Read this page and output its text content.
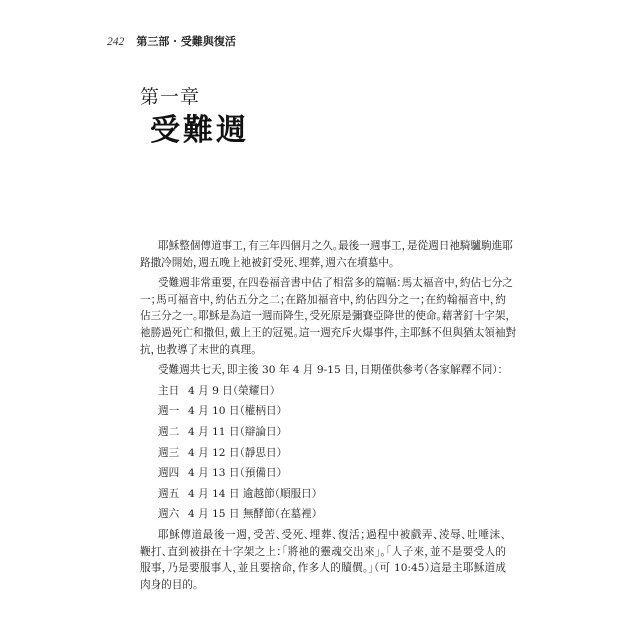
242 第三部 · 受難與復活
第一章
受難週
耶穌整個傳道事工，有三年四個月之久。最後一週事工，是從週日祂騎驢駒進耶
路撒冷開始，週五晚上祂被釘受死、埋葬，週六在墳墓中。
受難週非常重要，在四卷福音書中佔了相當多的篇幅：馬太福音中，約佔七分之
一；馬可福音中，約佔五分之二；在路加福音中，約佔四分之一；在約翰福音中，約
佔三分之一。耶穌是為這一週而降生，受死原是彌賽亞降世的使命。藉著釘十字架，
祂勝過死亡和撒但，戴上王的冠冕。這一週充斥火爆事件，主耶穌不但與猶太領袖對
抗，也教導了末世的真理。
受難週共七天，即主後 30 年 4 月 9-15 日，日期僅供參考（各家解釋不同）：
主日 4 月 9 日（榮耀日）
週一 4 月 10 日（權柄日）
週二 4 月 11 日（辯論日）
週三 4 月 12 日（靜思日）
週四 4 月 13 日（預備日）
週五 4 月 14 日 逾越節（順服日）
週六 4 月 15 日 無酵節（在墓裡）
耶穌傳道最後一週，受苦、受死、埋葬、復活；過程中被戲弄、淩辱、吐唾沫、
鞭打、直到被掛在十字架之上：「將祂的靈魂交出來」。「人子來，並不是要受人的
服事，乃是要服事人，並且要捨命，作多人的贖價。」（可 10:45）這是主耶穌道成
肉身的目的。
